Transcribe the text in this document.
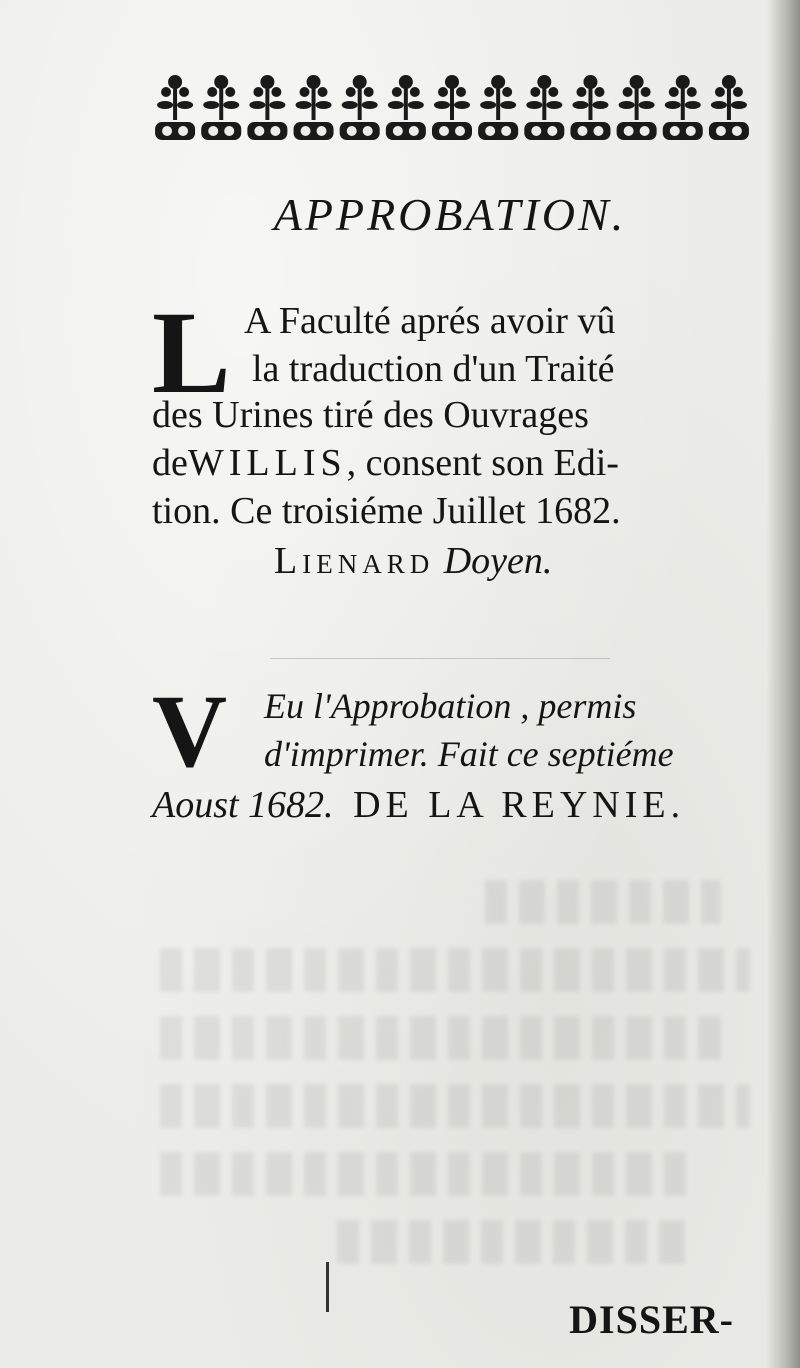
APPROBATION.
L A Faculté aprés avoir vû
la traduction d'un Traité
des Urines tiré des Ouvrages
deWILLIS, consent son Edi-
tion. Ce troisiéme Juillet 1682.
Lienard Doyen.
V Eu l'Approbation , permis
d'imprimer. Fait ce septiéme
Aoust 1682. DE LA REYNIE.
DISSER-
